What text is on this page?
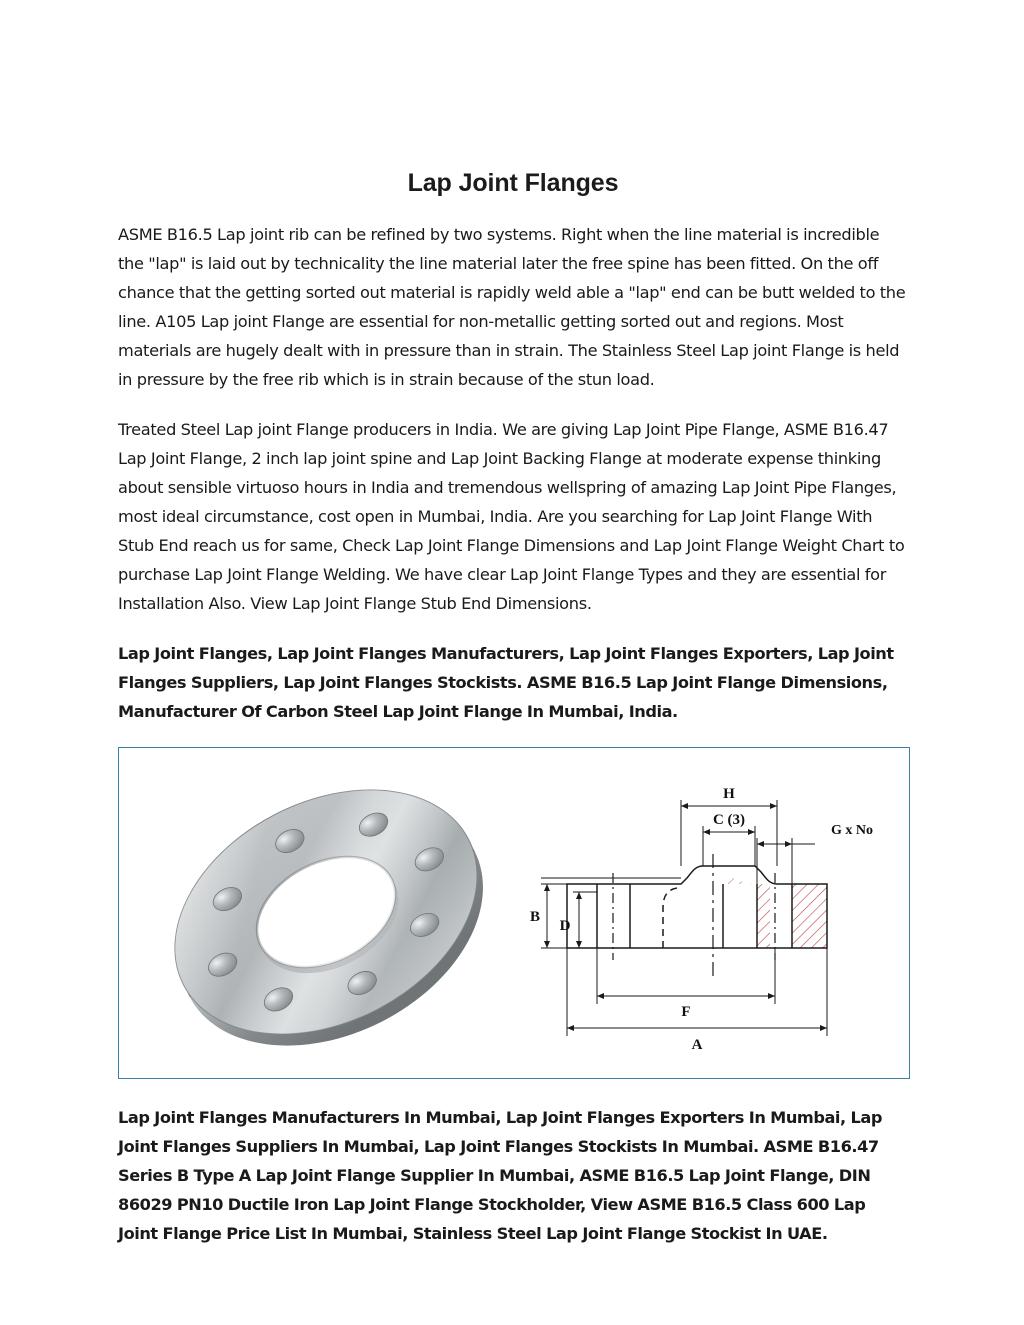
Lap Joint Flanges

ASME B16.5 Lap joint rib can be refined by two systems. Right when the line material is incredible the "lap" is laid out by technicality the line material later the free spine has been fitted. On the off chance that the getting sorted out material is rapidly weld able a "lap" end can be butt welded to the line. A105 Lap joint Flange are essential for non-metallic getting sorted out and regions. Most materials are hugely dealt with in pressure than in strain. The Stainless Steel Lap joint Flange is held in pressure by the free rib which is in strain because of the stun load.

Treated Steel Lap joint Flange producers in India. We are giving Lap Joint Pipe Flange, ASME B16.47 Lap Joint Flange, 2 inch lap joint spine and Lap Joint Backing Flange at moderate expense thinking about sensible virtuoso hours in India and tremendous wellspring of amazing Lap Joint Pipe Flanges, most ideal circumstance, cost open in Mumbai, India. Are you searching for Lap Joint Flange With Stub End reach us for same, Check Lap Joint Flange Dimensions and Lap Joint Flange Weight Chart to purchase Lap Joint Flange Welding. We have clear Lap Joint Flange Types and they are essential for Installation Also. View Lap Joint Flange Stub End Dimensions.

Lap Joint Flanges, Lap Joint Flanges Manufacturers, Lap Joint Flanges Exporters, Lap Joint Flanges Suppliers, Lap Joint Flanges Stockists. ASME B16.5 Lap Joint Flange Dimensions, Manufacturer Of Carbon Steel Lap Joint Flange In Mumbai, India.

H
C (3)
G x No
B
D
F
A

Lap Joint Flanges Manufacturers In Mumbai, Lap Joint Flanges Exporters In Mumbai, Lap Joint Flanges Suppliers In Mumbai, Lap Joint Flanges Stockists In Mumbai. ASME B16.47 Series B Type A Lap Joint Flange Supplier In Mumbai, ASME B16.5 Lap Joint Flange, DIN 86029 PN10 Ductile Iron Lap Joint Flange Stockholder, View ASME B16.5 Class 600 Lap Joint Flange Price List In Mumbai, Stainless Steel Lap Joint Flange Stockist In UAE.
